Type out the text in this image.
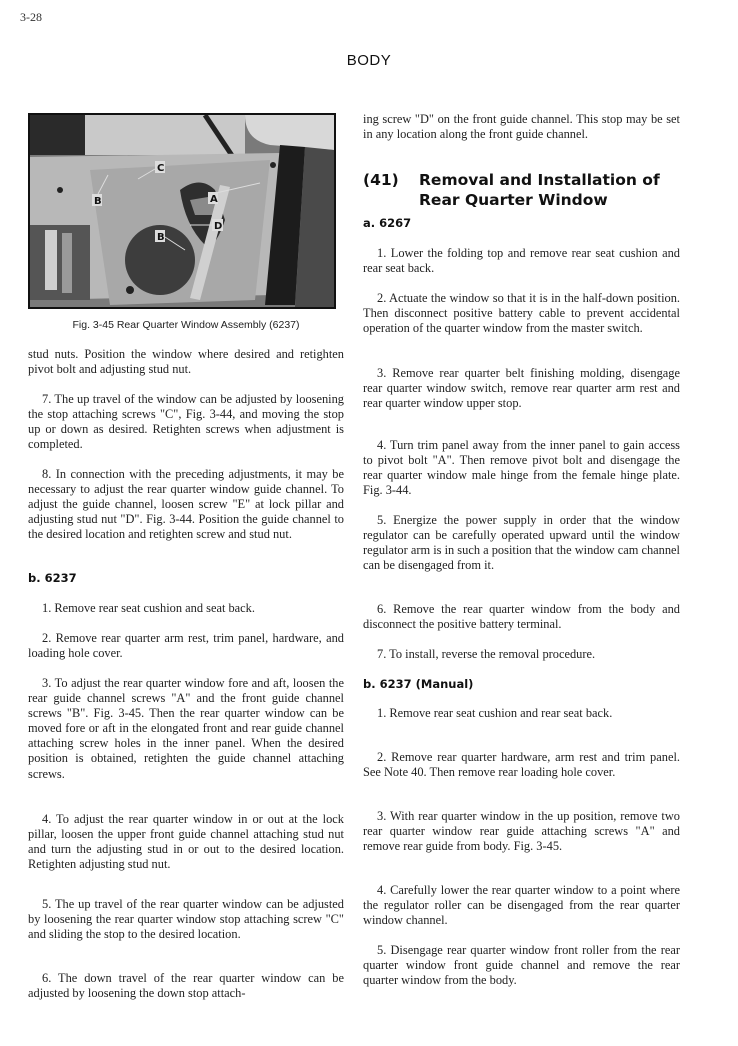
3-28
BODY
C
B	A
D
B
Fig. 3-45 Rear Quarter Window Assembly (6237)

stud nuts. Position the window where desired and retighten pivot bolt and adjusting stud nut.

7. The up travel of the window can be adjusted by loosening the stop attaching screws "C", Fig. 3-44, and moving the stop up or down as desired. Retighten screws when adjustment is completed.

8. In connection with the preceding adjustments, it may be necessary to adjust the rear quarter window guide channel. To adjust the guide channel, loosen screw "E" at lock pillar and adjusting stud nut "D". Fig. 3-44. Position the guide channel to the desired location and retighten screw and stud nut.

b. 6237

1. Remove rear seat cushion and seat back.

2. Remove rear quarter arm rest, trim panel, hardware, and loading hole cover.

3. To adjust the rear quarter window fore and aft, loosen the rear guide channel screws "A" and the front guide channel screws "B". Fig. 3-45. Then the rear quarter window can be moved fore or aft in the elongated front and rear guide channel attaching screw holes in the inner panel. When the desired position is obtained, retighten the guide channel attaching screws.

4. To adjust the rear quarter window in or out at the lock pillar, loosen the upper front guide channel attaching stud nut and turn the adjusting stud in or out to the desired location. Retighten adjusting stud nut.

5. The up travel of the rear quarter window can be adjusted by loosening the rear quarter window stop attaching screw "C" and sliding the stop to the desired location.

6. The down travel of the rear quarter window can be adjusted by loosening the down stop attach-

ing screw "D" on the front guide channel. This stop may be set in any location along the front guide channel.

(41) Removal and Installation of Rear Quarter Window
a. 6267

1. Lower the folding top and remove rear seat cushion and rear seat back.

2. Actuate the window so that it is in the half-down position. Then disconnect positive battery cable to prevent accidental operation of the quarter window from the master switch.

3. Remove rear quarter belt finishing molding, disengage rear quarter window switch, remove rear quarter arm rest and rear quarter window upper stop.

4. Turn trim panel away from the inner panel to gain access to pivot bolt "A". Then remove pivot bolt and disengage the rear quarter window male hinge from the female hinge plate. Fig. 3-44.

5. Energize the power supply in order that the window regulator can be carefully operated upward until the window regulator arm is in such a position that the window cam channel can be disengaged from it.

6. Remove the rear quarter window from the body and disconnect the positive battery terminal.

7. To install, reverse the removal procedure.

b. 6237 (Manual)

1. Remove rear seat cushion and rear seat back.

2. Remove rear quarter hardware, arm rest and trim panel. See Note 40. Then remove rear loading hole cover.

3. With rear quarter window in the up position, remove two rear quarter window rear guide attaching screws "A" and remove rear guide from body. Fig. 3-45.

4. Carefully lower the rear quarter window to a point where the regulator roller can be disengaged from the rear quarter window channel.

5. Disengage rear quarter window front roller from the rear quarter window front guide channel and remove the rear quarter window from the body.
